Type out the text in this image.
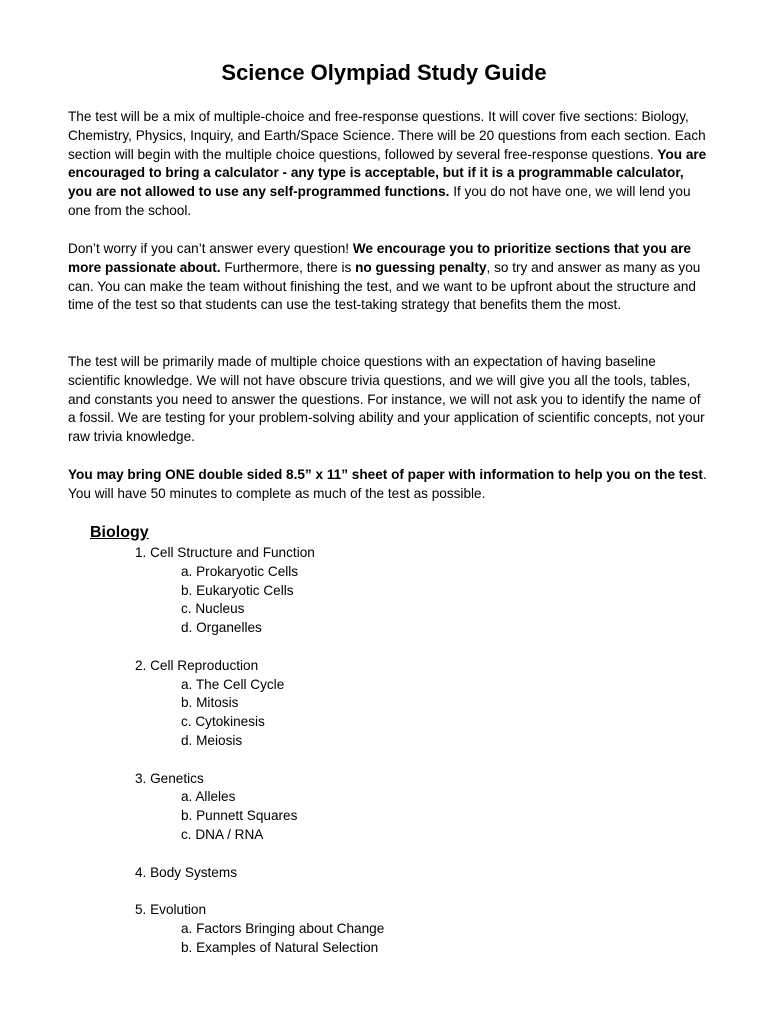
Science Olympiad Study Guide
The test will be a mix of multiple-choice and free-response questions. It will cover five sections: Biology, Chemistry, Physics, Inquiry, and Earth/Space Science. There will be 20 questions from each section. Each section will begin with the multiple choice questions, followed by several free-response questions. You are encouraged to bring a calculator - any type is acceptable, but if it is a programmable calculator, you are not allowed to use any self-programmed functions. If you do not have one, we will lend you one from the school.
Don’t worry if you can’t answer every question! We encourage you to prioritize sections that you are more passionate about. Furthermore, there is no guessing penalty, so try and answer as many as you can. You can make the team without finishing the test, and we want to be upfront about the structure and time of the test so that students can use the test-taking strategy that benefits them the most.
The test will be primarily made of multiple choice questions with an expectation of having baseline scientific knowledge. We will not have obscure trivia questions, and we will give you all the tools, tables, and constants you need to answer the questions. For instance, we will not ask you to identify the name of a fossil. We are testing for your problem-solving ability and your application of scientific concepts, not your raw trivia knowledge.
You may bring ONE double sided 8.5” x 11” sheet of paper with information to help you on the test. You will have 50 minutes to complete as much of the test as possible.
Biology
1. Cell Structure and Function
a. Prokaryotic Cells
b. Eukaryotic Cells
c. Nucleus
d. Organelles
2. Cell Reproduction
a. The Cell Cycle
b. Mitosis
c. Cytokinesis
d. Meiosis
3. Genetics
a. Alleles
b. Punnett Squares
c. DNA / RNA
4. Body Systems
5. Evolution
a. Factors Bringing about Change
b. Examples of Natural Selection
